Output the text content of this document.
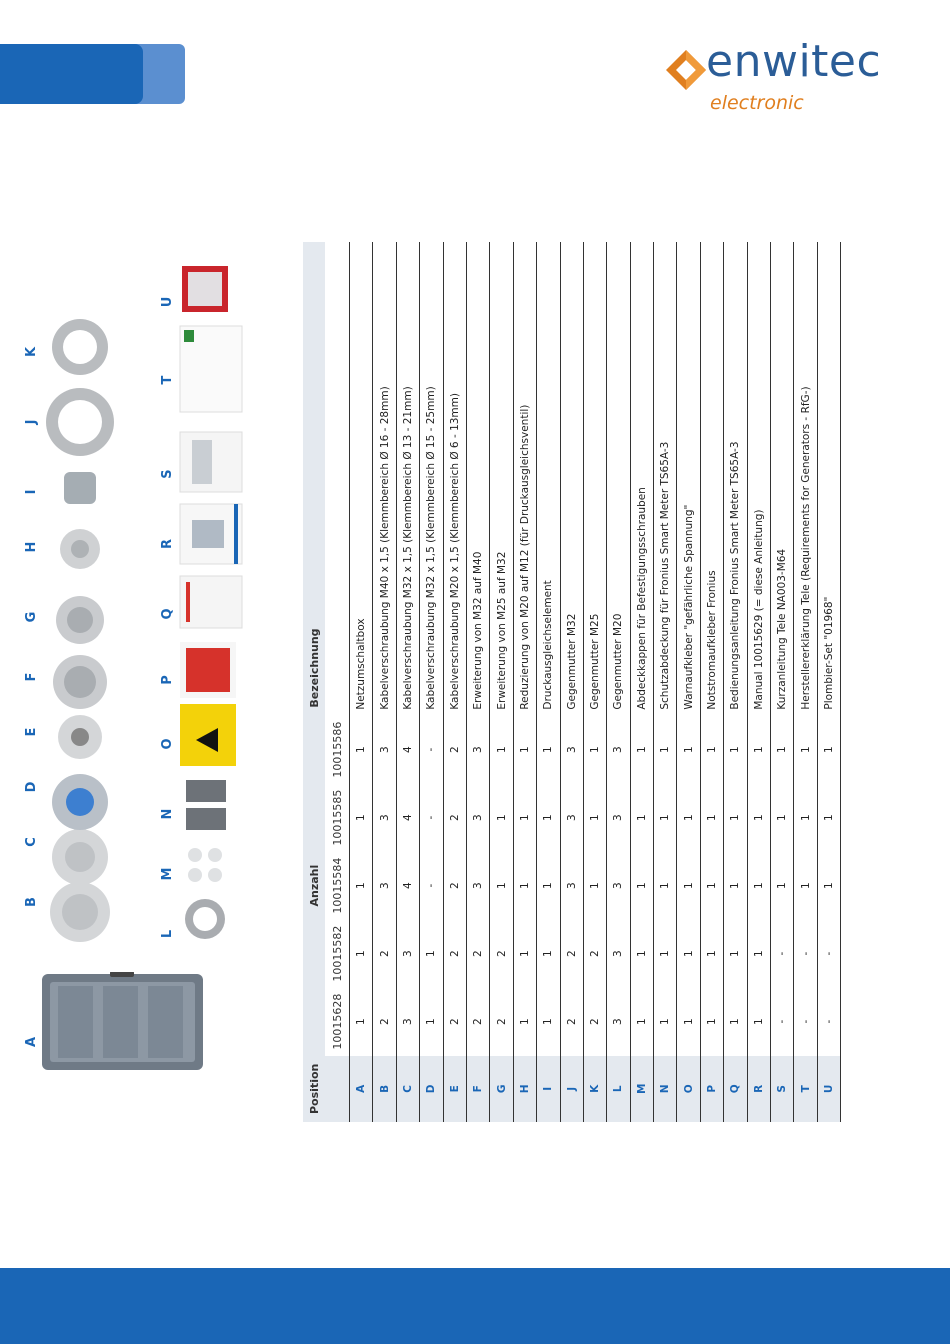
enwitec
electronic
A
B
C
D
E
F
G
H
I
J
K
L
M
N
O
P
Q
R
S
T
U
Position	Anzahl					Bezeichnung
	10015628	10015582	10015584	10015585	10015586	
A	1	1	1	1	1	Netzumschaltbox
B	2	2	3	3	3	Kabelverschraubung M40 x 1,5 (Klemmbereich Ø 16 - 28mm)
C	3	3	4	4	4	Kabelverschraubung M32 x 1,5 (Klemmbereich Ø 13 - 21mm)
D	1	1	-	-	-	Kabelverschraubung M32 x 1,5 (Klemmbereich Ø 15 - 25mm)
E	2	2	2	2	2	Kabelverschraubung M20 x 1,5 (Klemmbereich Ø 6 - 13mm)
F	2	2	3	3	3	Erweiterung von M32 auf M40
G	2	2	1	1	1	Erweiterung von M25 auf M32
H	1	1	1	1	1	Reduzierung von M20 auf M12 (für Druckausgleichsventil)
I	1	1	1	1	1	Druckausgleichselement
J	2	2	3	3	3	Gegenmutter M32
K	2	2	1	1	1	Gegenmutter M25
L	3	3	3	3	3	Gegenmutter M20
M	1	1	1	1	1	Abdeckkappen für Befestigungsschrauben
N	1	1	1	1	1	Schutzabdeckung für Fronius Smart Meter TS65A-3
O	1	1	1	1	1	Warnaufkleber "gefährliche Spannung"
P	1	1	1	1	1	Notstromaufkleber Fronius
Q	1	1	1	1	1	Bedienungsanleitung Fronius Smart Meter TS65A-3
R	1	1	1	1	1	Manual 10015629 (= diese Anleitung)
S	-	-	1	1	1	Kurzanleitung Tele NA003-M64
T	-	-	1	1	1	Herstellererklärung Tele (Requirements for Generators - RfG-)
U	-	-	1	1	1	Plombier-Set "01968"
